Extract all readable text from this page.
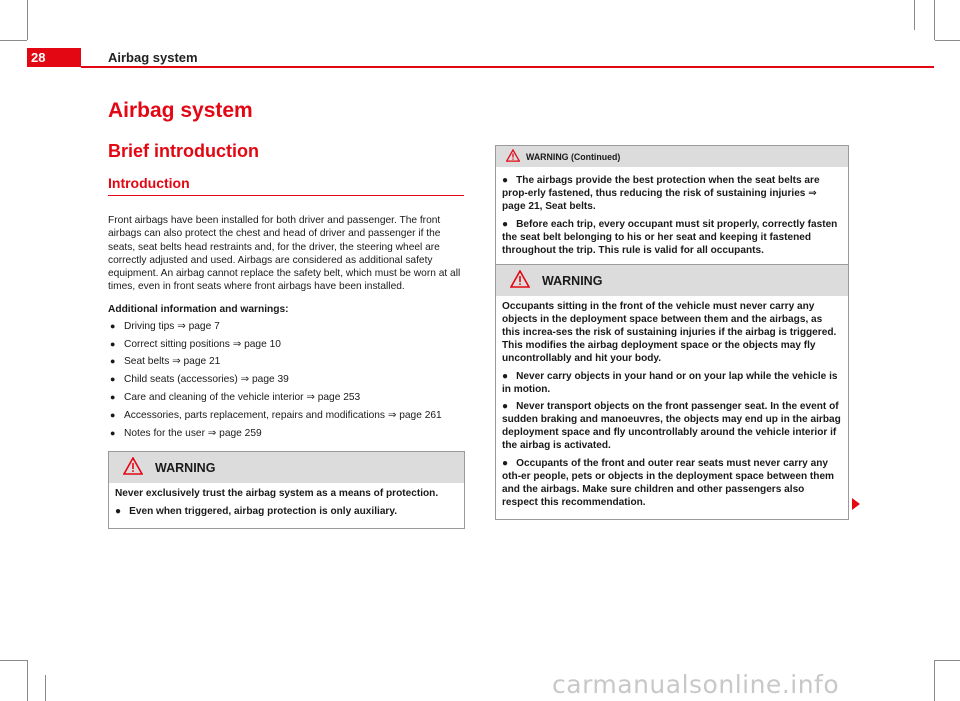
28	Airbag system
Airbag system
Brief introduction
Introduction

Front airbags have been installed for both driver and passenger. The front airbags can also protect the chest and head of driver and passenger if the seats, seat belts head restraints and, for the driver, the steering wheel are correctly adjusted and used. Airbags are considered as additional safety equipment. An airbag cannot replace the safety belt, which must be worn at all times, even in front seats where front airbags have been installed.

Additional information and warnings:

● Driving tips ⇒ page 7
● Correct sitting positions ⇒ page 10
● Seat belts ⇒ page 21
● Child seats (accessories) ⇒ page 39
● Care and cleaning of the vehicle interior ⇒ page 253
● Accessories, parts replacement, repairs and modifications ⇒ page 261
● Notes for the user ⇒ page 259
WARNING

Never exclusively trust the airbag system as a means of protection.

● Even when triggered, airbag protection is only auxiliary.

WARNING (Continued)

● The airbags provide the best protection when the seat belts are prop-erly fastened, thus reducing the risk of sustaining injuries ⇒ page 21, Seat belts.

● Before each trip, every occupant must sit properly, correctly fasten the seat belt belonging to his or her seat and keeping it fastened throughout the trip. This rule is valid for all occupants.

WARNING

Occupants sitting in the front of the vehicle must never carry any objects in the deployment space between them and the airbags, as this increa-ses the risk of sustaining injuries if the airbag is triggered. This modifies the airbag deployment space or the objects may fly uncontrollably and hit your body.

● Never carry objects in your hand or on your lap while the vehicle is in motion.

● Never transport objects on the front passenger seat. In the event of sudden braking and manoeuvres, the objects may end up in the airbag deployment space and fly uncontrollably around the vehicle interior if the airbag is activated.

● Occupants of the front and outer rear seats must never carry any oth-er people, pets or objects in the deployment space between them and the airbags. Make sure children and other passengers also respect this recommendation.

carmanualsonline.info
